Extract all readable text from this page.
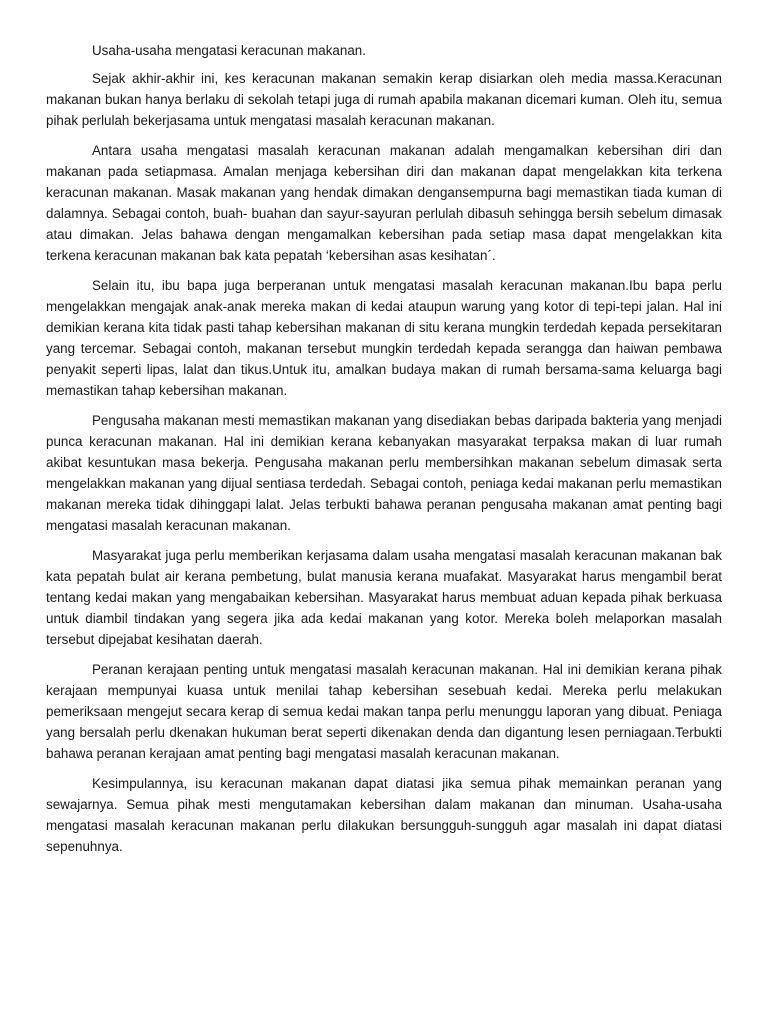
Usaha-usaha mengatasi keracunan makanan.

Sejak akhir-akhir ini, kes keracunan makanan semakin kerap disiarkan oleh media massa.Keracunan makanan bukan hanya berlaku di sekolah tetapi juga di rumah apabila makanan dicemari kuman. Oleh itu, semua pihak perlulah bekerjasama untuk mengatasi masalah keracunan makanan.

Antara usaha mengatasi masalah keracunan makanan adalah mengamalkan kebersihan diri dan makanan pada setiapmasa. Amalan menjaga kebersihan diri dan makanan dapat mengelakkan kita terkena keracunan makanan. Masak makanan yang hendak dimakan dengansempurna bagi memastikan tiada kuman di dalamnya. Sebagai contoh, buah- buahan dan sayur-sayuran perlulah dibasuh sehingga bersih sebelum dimasak atau dimakan. Jelas bahawa dengan mengamalkan kebersihan pada setiap masa dapat mengelakkan kita terkena keracunan makanan bak kata pepatah ‘kebersihan asas kesihatan´.

Selain itu, ibu bapa juga berperanan untuk mengatasi masalah keracunan makanan.Ibu bapa perlu mengelakkan mengajak anak-anak mereka makan di kedai ataupun warung yang kotor di tepi-tepi jalan. Hal ini demikian kerana kita tidak pasti tahap kebersihan makanan di situ kerana mungkin terdedah kepada persekitaran yang tercemar. Sebagai contoh, makanan tersebut mungkin terdedah kepada serangga dan haiwan pembawa penyakit seperti lipas, lalat dan tikus.Untuk itu, amalkan budaya makan di rumah bersama-sama keluarga bagi memastikan tahap kebersihan makanan.

Pengusaha makanan mesti memastikan makanan yang disediakan bebas daripada bakteria yang menjadi punca keracunan makanan. Hal ini demikian kerana kebanyakan masyarakat terpaksa makan di luar rumah akibat kesuntukan masa bekerja. Pengusaha makanan perlu membersihkan makanan sebelum dimasak serta mengelakkan makanan yang dijual sentiasa terdedah. Sebagai contoh, peniaga kedai makanan perlu memastikan makanan mereka tidak dihinggapi lalat. Jelas terbukti bahawa peranan pengusaha makanan amat penting bagi mengatasi masalah keracunan makanan.

Masyarakat juga perlu memberikan kerjasama dalam usaha mengatasi masalah keracunan makanan bak kata pepatah bulat air kerana pembetung, bulat manusia kerana muafakat. Masyarakat harus mengambil berat tentang kedai makan yang mengabaikan kebersihan. Masyarakat harus membuat aduan kepada pihak berkuasa untuk diambil tindakan yang segera jika ada kedai makanan yang kotor. Mereka boleh melaporkan masalah tersebut dipejabat kesihatan daerah.

Peranan kerajaan penting untuk mengatasi masalah keracunan makanan. Hal ini demikian kerana pihak kerajaan mempunyai kuasa untuk menilai tahap kebersihan sesebuah kedai. Mereka perlu melakukan pemeriksaan mengejut secara kerap di semua kedai makan tanpa perlu menunggu laporan yang dibuat. Peniaga yang bersalah perlu dkenakan hukuman berat seperti dikenakan denda dan digantung lesen perniagaan.Terbukti bahawa peranan kerajaan amat penting bagi mengatasi masalah keracunan makanan.

Kesimpulannya, isu keracunan makanan dapat diatasi jika semua pihak memainkan peranan yang sewajarnya. Semua pihak mesti mengutamakan kebersihan dalam makanan dan minuman. Usaha-usaha mengatasi masalah keracunan makanan perlu dilakukan bersungguh-sungguh agar masalah ini dapat diatasi sepenuhnya.
